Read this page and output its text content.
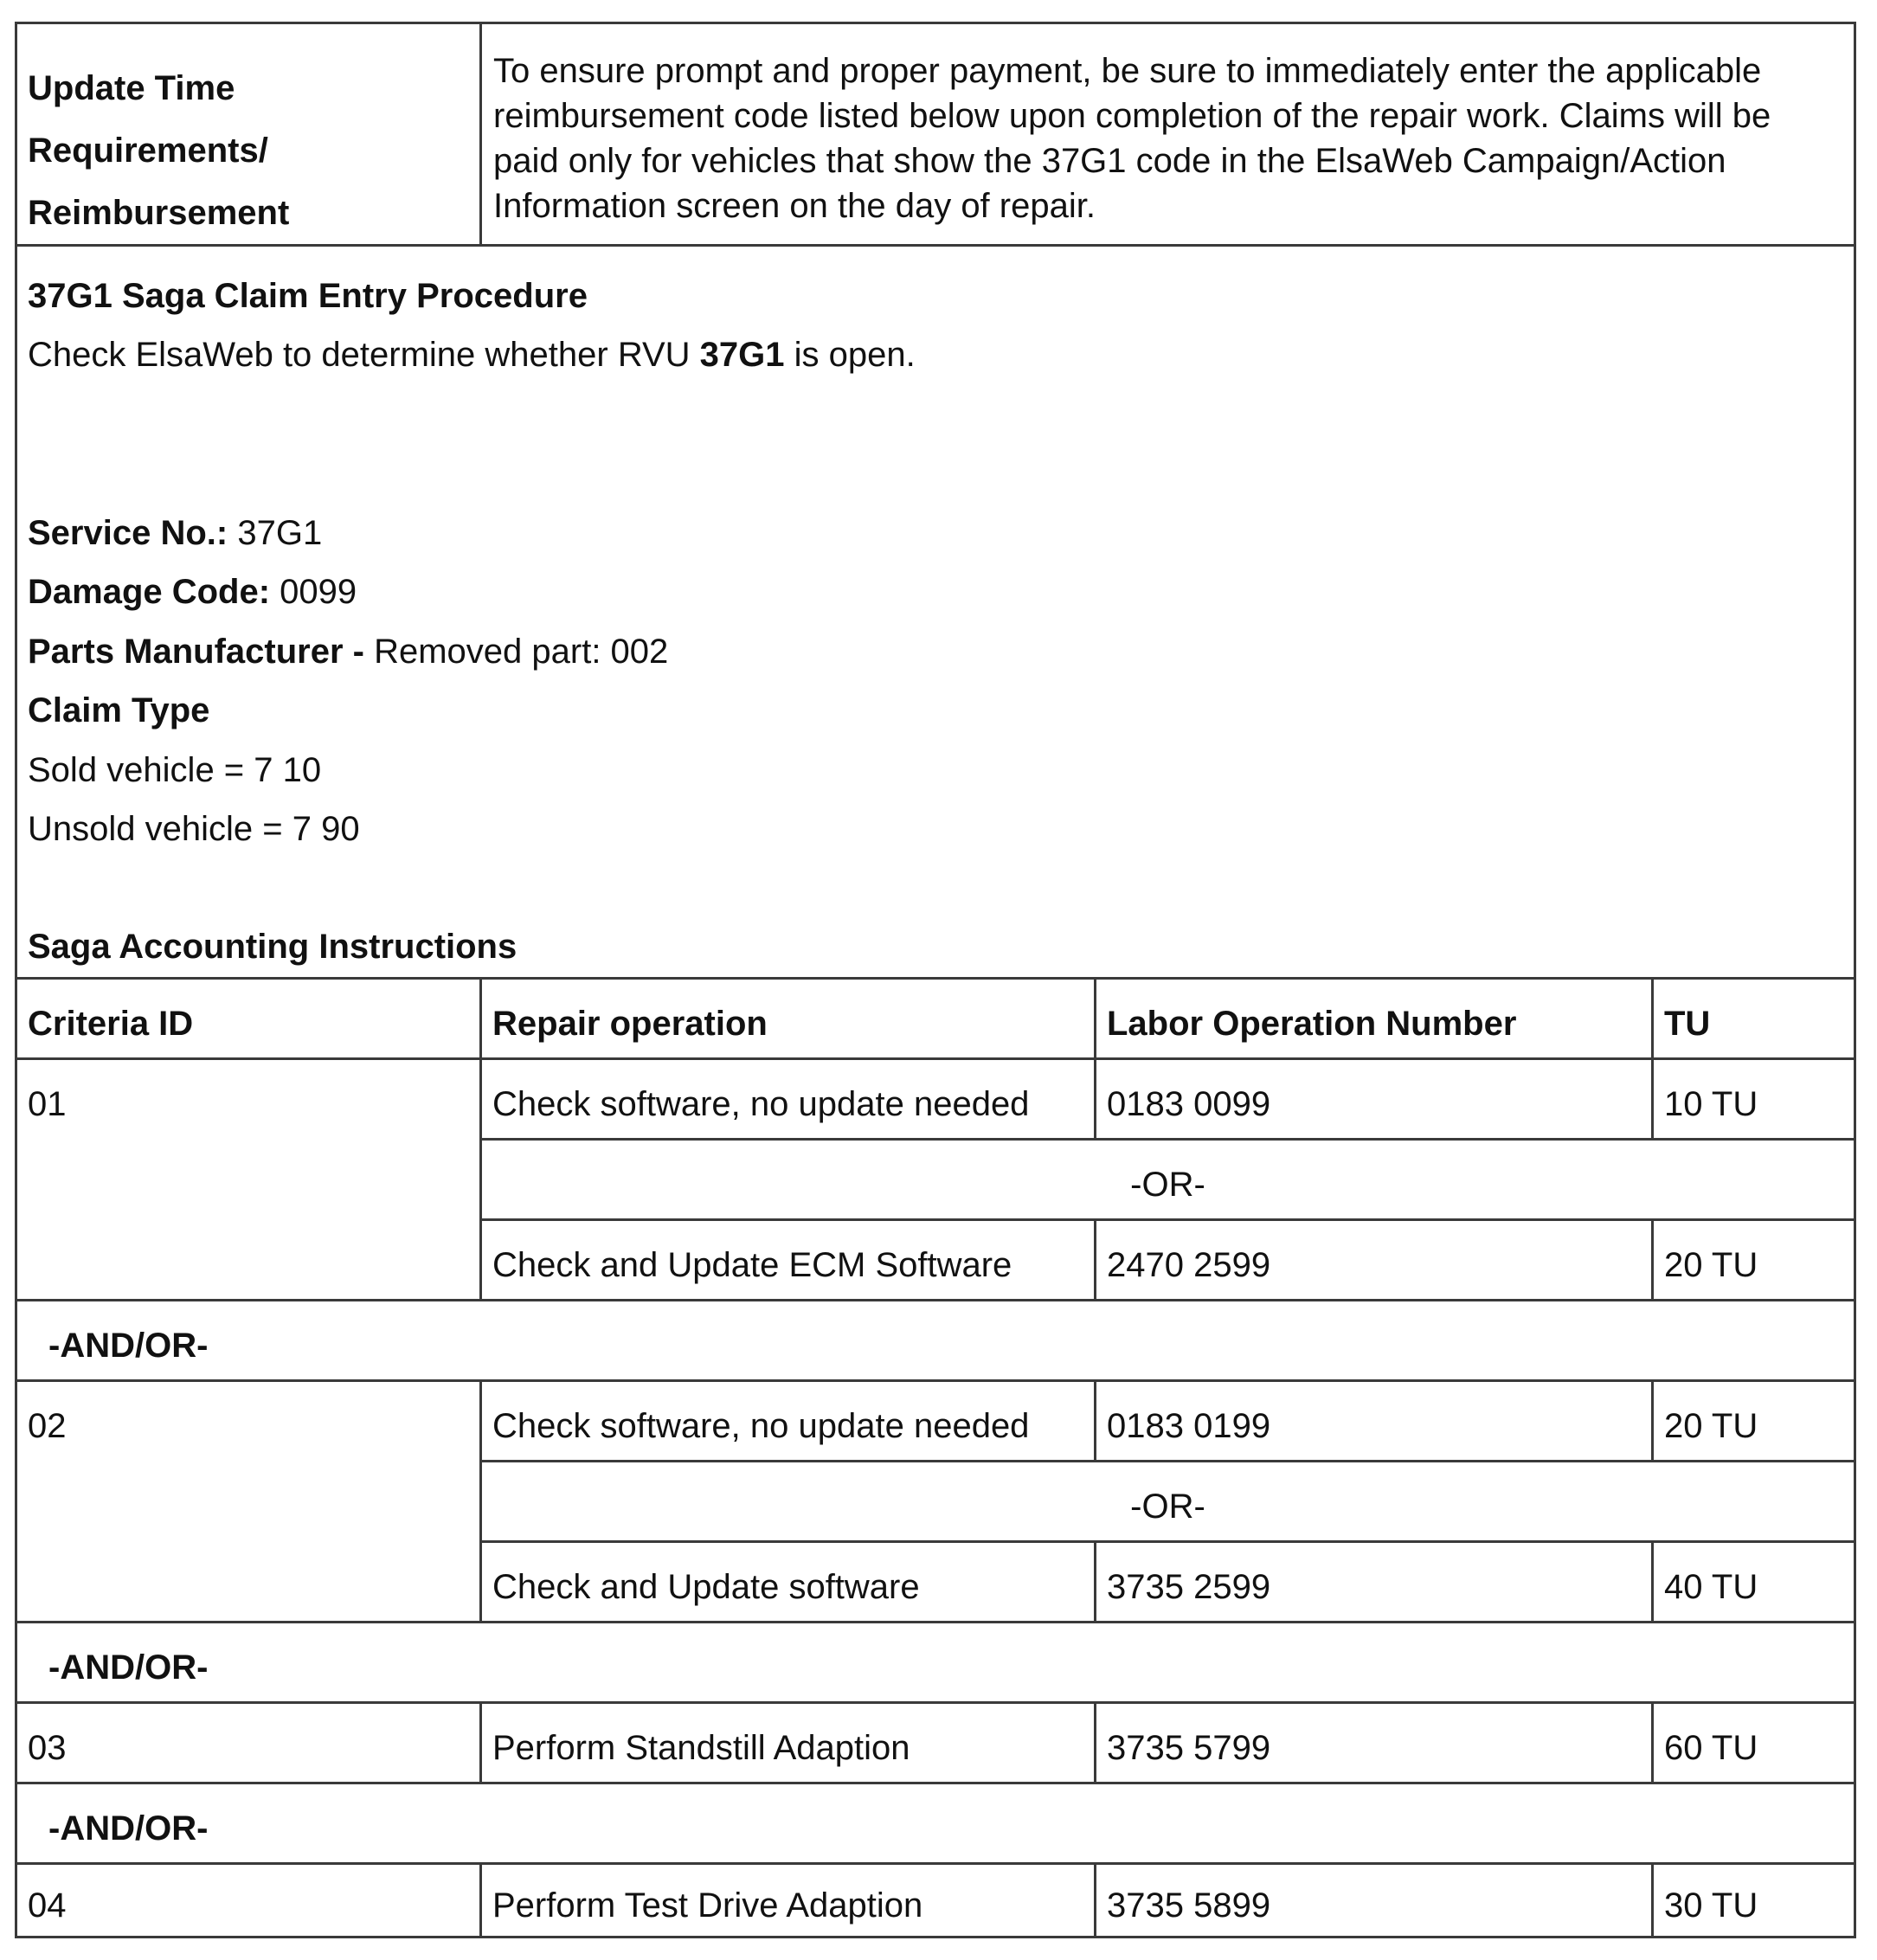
Update Time
Requirements/
Reimbursement
To ensure prompt and proper payment, be sure to immediately enter the applicable
reimbursement code listed below upon completion of the repair work. Claims will be
paid only for vehicles that show the 37G1 code in the ElsaWeb Campaign/Action
Information screen on the day of repair.
37G1 Saga Claim Entry Procedure
Check ElsaWeb to determine whether RVU 37G1 is open.
Service No.: 37G1
Damage Code: 0099
Parts Manufacturer - Removed part: 002
Claim Type
Sold vehicle = 7 10
Unsold vehicle = 7 90
Saga Accounting Instructions
Criteria ID	Repair operation	Labor Operation Number	TU
01	Check software, no update needed	0183 0099	10 TU
-OR-
Check and Update ECM Software	2470 2599	20 TU
-AND/OR-
02	Check software, no update needed	0183 0199	20 TU
-OR-
Check and Update software	3735 2599	40 TU
-AND/OR-
03	Perform Standstill Adaption	3735 5799	60 TU
-AND/OR-
04	Perform Test Drive Adaption	3735 5899	30 TU
